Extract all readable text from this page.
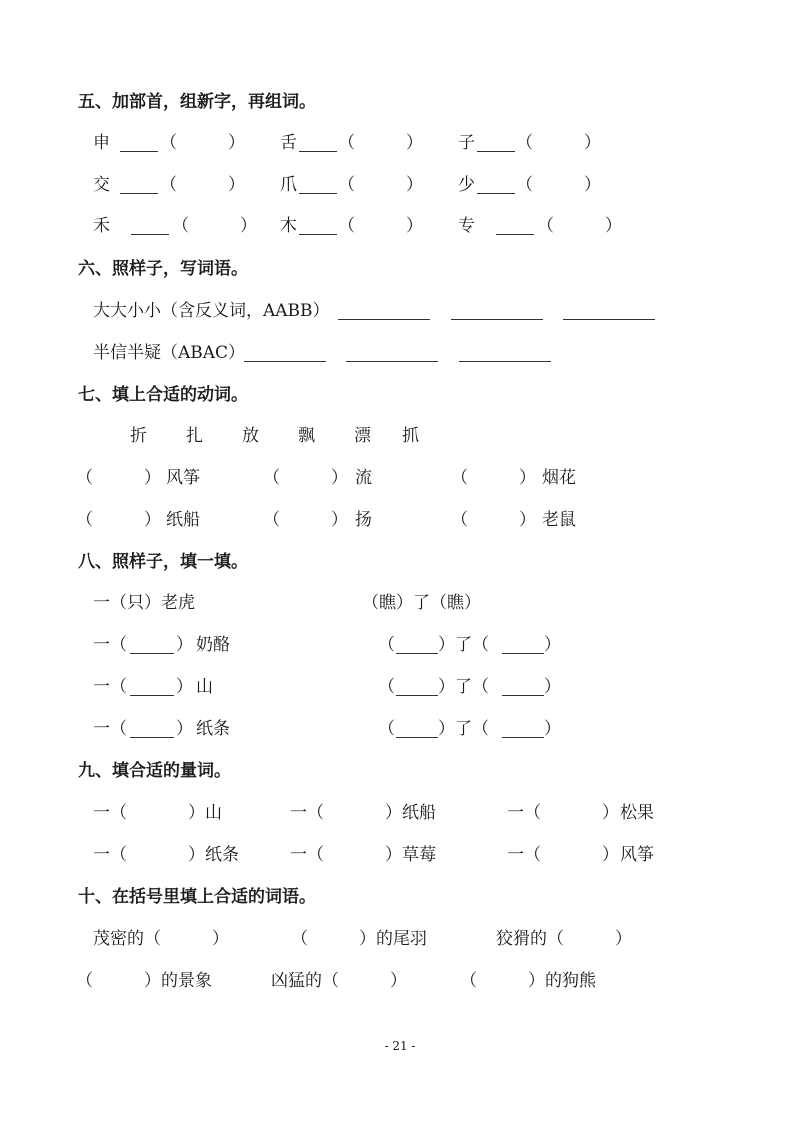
五、加部首，组新字，再组词。
申	（　　　） 舌 （　　　） 子 （　　　）
交	（　　　） 爪 （　　　） 少 （　　　）
禾	（　　　） 木 （　　　） 专	（　　　）
六、照样子，写词语。
大大小小（含反义词，AABB）
半信半疑（ABAC）
七、填上合适的动词。
折 扎 放 飘 漂 抓
（　　　） 风筝	（　　　） 流	（　　　） 烟花
（　　　） 纸船	（　　　） 扬	（　　　） 老鼠
八、照样子，填一填。
一（只）老虎	（瞧）了（瞧）
一（	） 奶酪	（	）了（	）
一（	） 山	（	）了（	）
一（	） 纸条	（	）了（	）
九、填合适的量词。
一（	） 山	一（	） 纸船	一（	） 松果
一（	） 纸条	一（	） 草莓	一（	） 风筝
十、在括号里填上合适的词语。
茂密的（　　　）	（　　　）的尾羽	狡猾的（　　　）
（　　　）的景象	凶猛的（　　　）	（　　　）的狗熊
- 21 -
